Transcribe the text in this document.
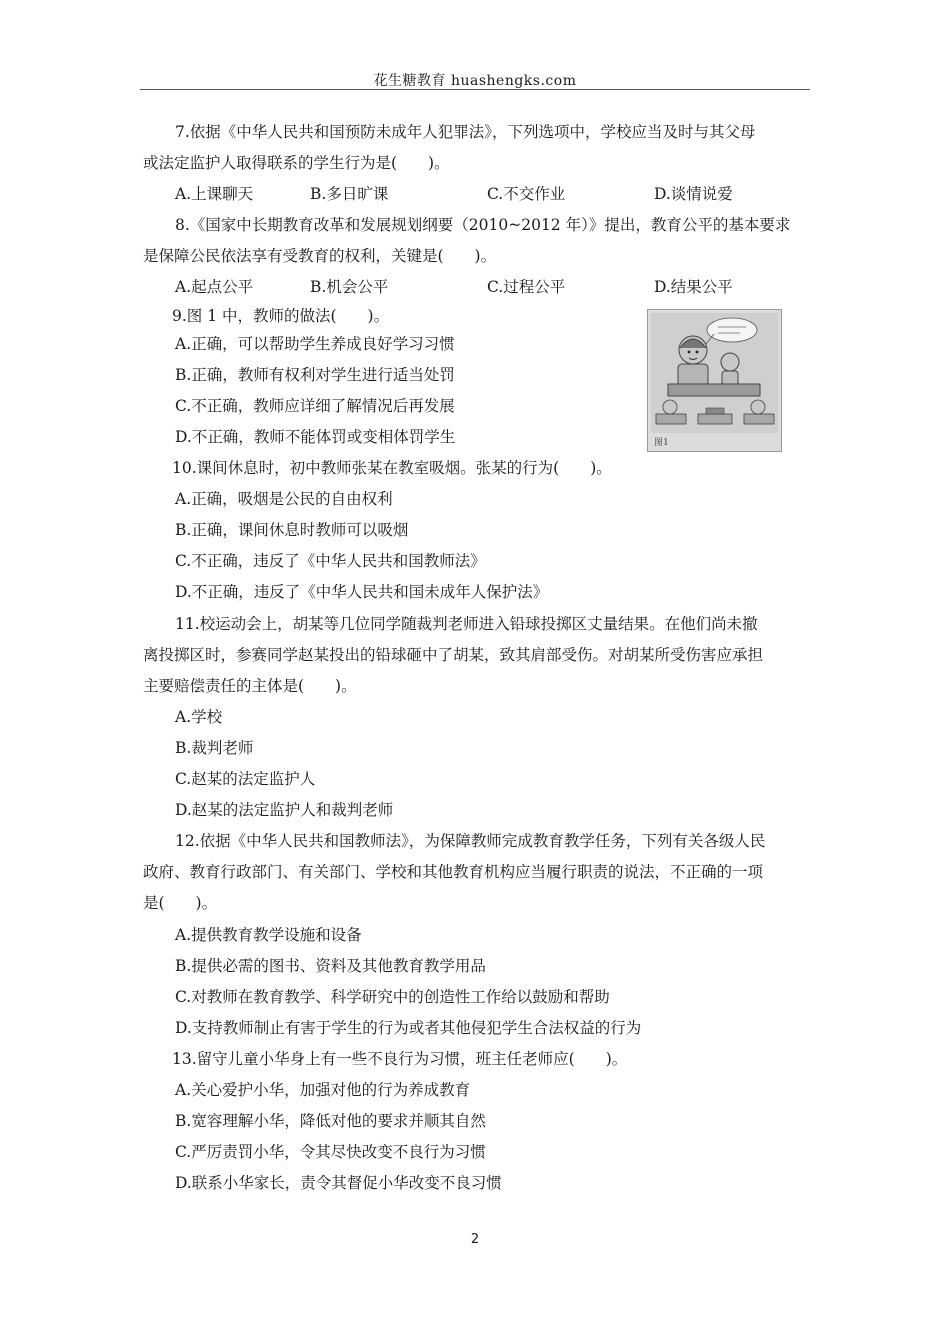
花生糖教育 huashengks.com
7.依据《中华人民共和国预防未成年人犯罪法》，下列选项中，学校应当及时与其父母
或法定监护人取得联系的学生行为是(　　)。
A.上课聊天	B.多日旷课	C.不交作业	D.谈情说爱
8.《国家中长期教育改革和发展规划纲要（2010~2012 年）》提出，教育公平的基本要求
是保障公民依法享有受教育的权利，关键是(　　)。
A.起点公平	B.机会公平	C.过程公平	D.结果公平
9.图 1 中，教师的做法(　　)。
A.正确，可以帮助学生养成良好学习习惯
B.正确，教师有权利对学生进行适当处罚
C.不正确，教师应详细了解情况后再发展
D.不正确，教师不能体罚或变相体罚学生	图1
10.课间休息时，初中教师张某在教室吸烟。张某的行为(　　)。
A.正确，吸烟是公民的自由权利
B.正确，课间休息时教师可以吸烟
C.不正确，违反了《中华人民共和国教师法》
D.不正确，违反了《中华人民共和国未成年人保护法》
11.校运动会上，胡某等几位同学随裁判老师进入铅球投掷区丈量结果。在他们尚未撤
离投掷区时，参赛同学赵某投出的铅球砸中了胡某，致其肩部受伤。对胡某所受伤害应承担
主要赔偿责任的主体是(　　)。
A.学校
B.裁判老师
C.赵某的法定监护人
D.赵某的法定监护人和裁判老师
12.依据《中华人民共和国教师法》，为保障教师完成教育教学任务，下列有关各级人民
政府、教育行政部门、有关部门、学校和其他教育机构应当履行职责的说法，不正确的一项
是(　　)。
A.提供教育教学设施和设备
B.提供必需的图书、资料及其他教育教学用品
C.对教师在教育教学、科学研究中的创造性工作给以鼓励和帮助
D.支持教师制止有害于学生的行为或者其他侵犯学生合法权益的行为
13.留守儿童小华身上有一些不良行为习惯，班主任老师应(　　)。
A.关心爱护小华，加强对他的行为养成教育
B.宽容理解小华，降低对他的要求并顺其自然
C.严厉责罚小华，令其尽快改变不良行为习惯
D.联系小华家长，责令其督促小华改变不良习惯
2
